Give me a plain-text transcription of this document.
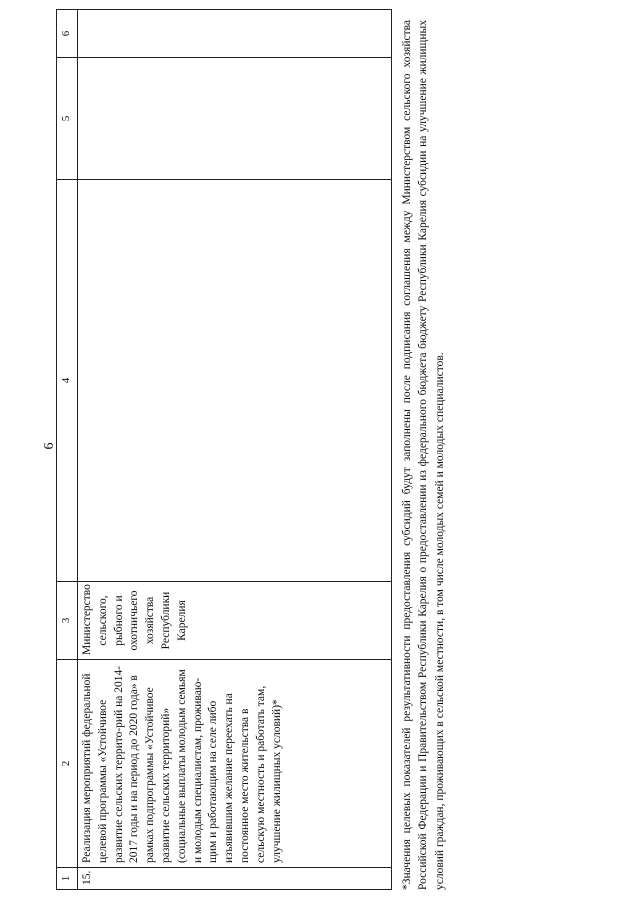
6
1	2	3	4	5	6
15.	Реализация мероприятий федеральной целевой программы «Устойчивое развитие сельских террито-рий на 2014-2017 годы и на период до 2020 года» в рамках подпрограммы «Устойчивое развитие сельских территорий» (социальные выплаты молодым семьям и молодым специалистам, проживаю-щим и работающим на селе либо изъявившим желание переехать на постоянное место жительства в сельскую местность и работать там, улучшение жилищных условий)*	Министерство сельского, рыбного и охотничьего хозяйства Республики Карелия				*Значения целевых показателей результативности предоставления субсидий будут заполнены после подписания соглашения между Министерством сельского хозяйства Российской Федерации и Правительством Республики Карелия о предоставлении из федерального бюджета бюджету Республики Карелия субсидии на улучшение жилищных условий граждан, проживающих в сельской местности, в том числе молодых семей и молодых специалистов.
